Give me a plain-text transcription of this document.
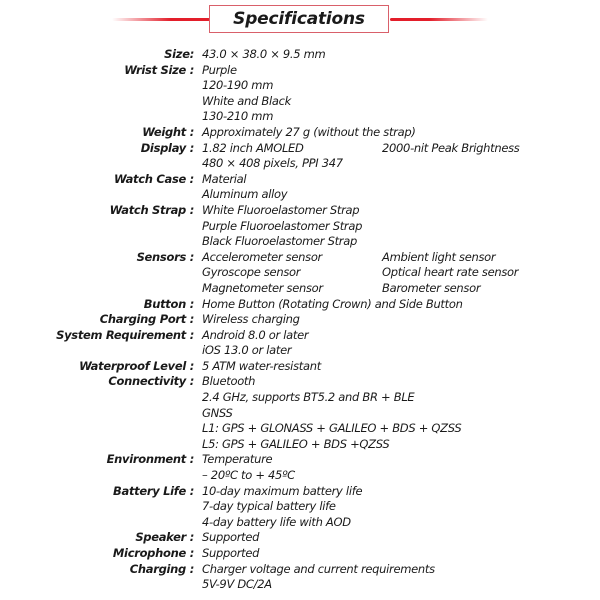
Specifications
Size: 43.0 × 38.0 × 9.5 mm
Wrist Size : Purple
120-190 mm
White and Black
130-210 mm
Weight : Approximately 27 g (without the strap)
Display : 1.82 inch AMOLED	2000-nit Peak Brightness
480 × 408 pixels, PPI 347
Watch Case : Material
Aluminum alloy
Watch Strap : White Fluoroelastomer Strap
Purple Fluoroelastomer Strap
Black Fluoroelastomer Strap
Sensors : Accelerometer sensor	Ambient light sensor
Gyroscope sensor	Optical heart rate sensor
Magnetometer sensor	Barometer sensor
Button : Home Button (Rotating Crown) and Side Button
Charging Port : Wireless charging
System Requirement : Android 8.0 or later
iOS 13.0 or later
Waterproof Level : 5 ATM water-resistant
Connectivity : Bluetooth
2.4 GHz, supports BT5.2 and BR + BLE
GNSS
L1: GPS + GLONASS + GALILEO + BDS + QZSS
L5: GPS + GALILEO + BDS +QZSS
Environment : Temperature
– 20ºC to + 45ºC
Battery Life : 10-day maximum battery life
7-day typical battery life
4-day battery life with AOD
Speaker : Supported
Microphone : Supported
Charging : Charger voltage and current requirements
5V-9V DC/2A
